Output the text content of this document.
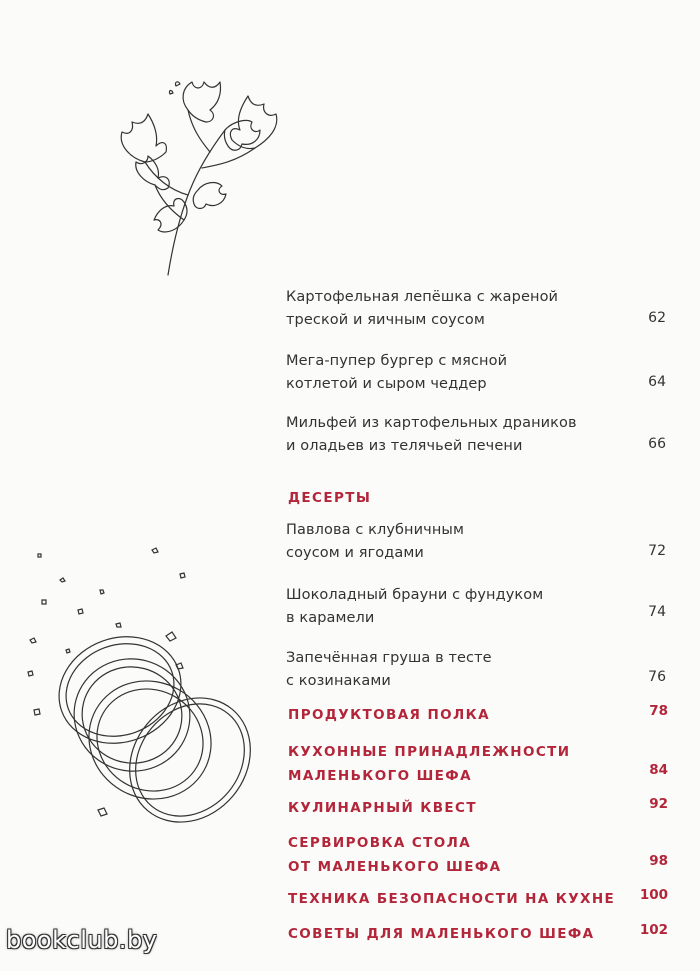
Картофельная лепёшка с жареной
треской и яичным соусом	62
Мега-пупер бургер с мясной
котлетой и сыром чеддер	64
Мильфей из картофельных драников
и оладьев из телячьей печени	66
ДЕСЕРТЫ
Павлова с клубничным
соусом и ягодами	72
Шоколадный брауни с фундуком
в карамели	74
Запечённая груша в тесте
с козинаками	76
ПРОДУКТОВАЯ ПОЛКА	78
КУХОННЫЕ ПРИНАДЛЕЖНОСТИ
МАЛЕНЬКОГО ШЕФА	84
КУЛИНАРНЫЙ КВЕСТ	92
СЕРВИРОВКА СТОЛА
ОТ МАЛЕНЬКОГО ШЕФА	98
ТЕХНИКА БЕЗОПАСНОСТИ НА КУХНЕ	100
СОВЕТЫ ДЛЯ МАЛЕНЬКОГО ШЕФА	102
bookclub.by
